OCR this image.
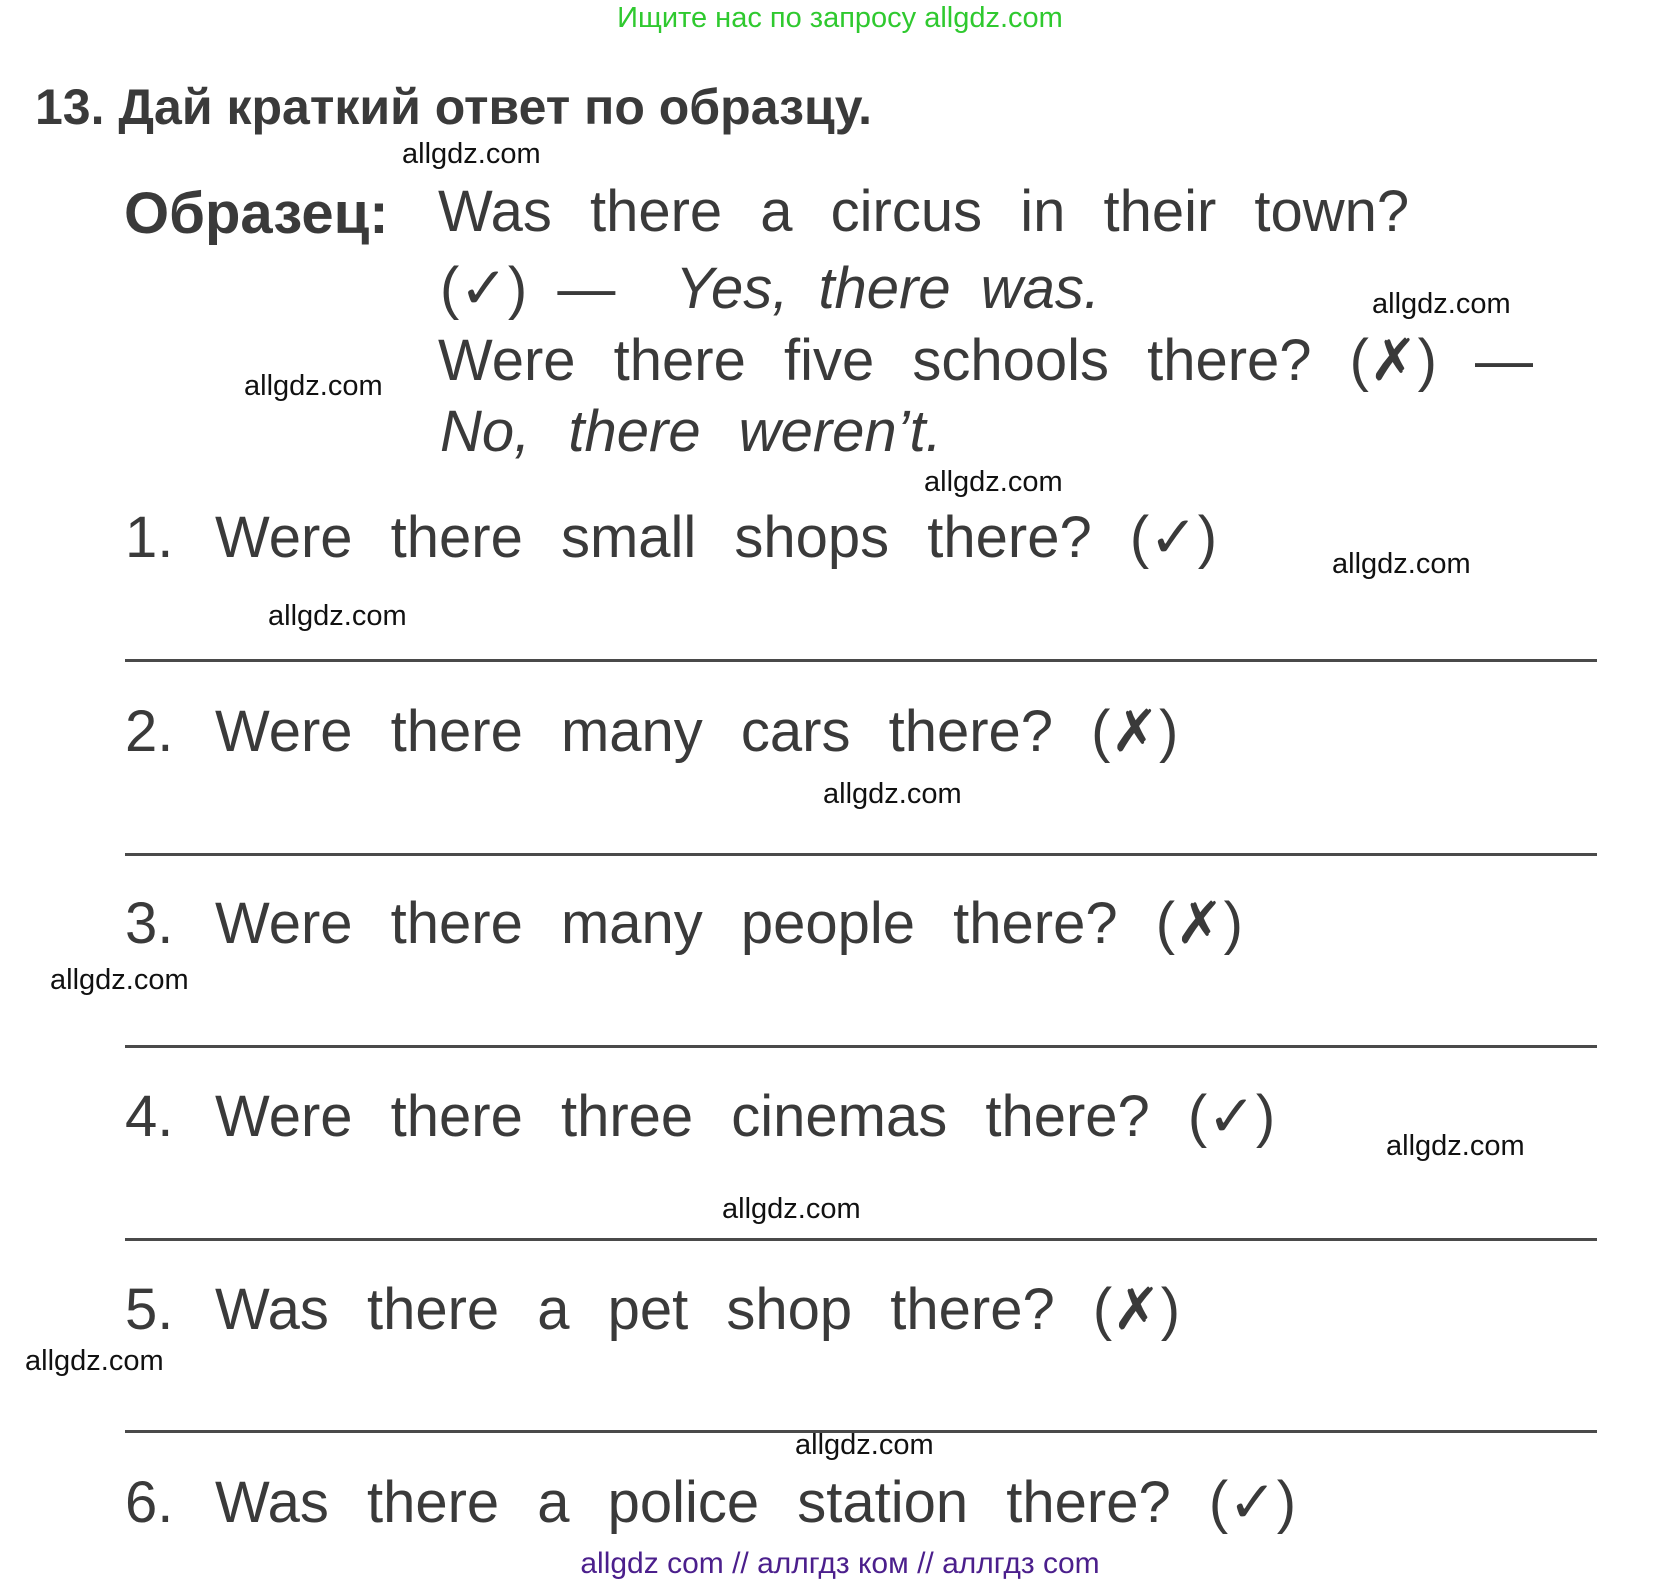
Ищите нас по запросу allgdz.com
13. Дай краткий ответ по образцу.
Образец: Was there a circus in their town?
(✓) — Yes, there was.
Were there five schools there? (✗) —
No, there weren’t.
1. Were there small shops there? (✓)
2. Were there many cars there? (✗)
3. Were there many people there? (✗)
4. Were there three cinemas there? (✓)
5. Was there a pet shop there? (✗)
6. Was there a police station there? (✓)
allgdz.com
allgdz.com
allgdz.com
allgdz.com
allgdz.com
allgdz.com
allgdz.com
allgdz.com
allgdz.com
allgdz.com
allgdz.com
allgdz.com
allgdz com // аллгдз ком // аллгдз com
